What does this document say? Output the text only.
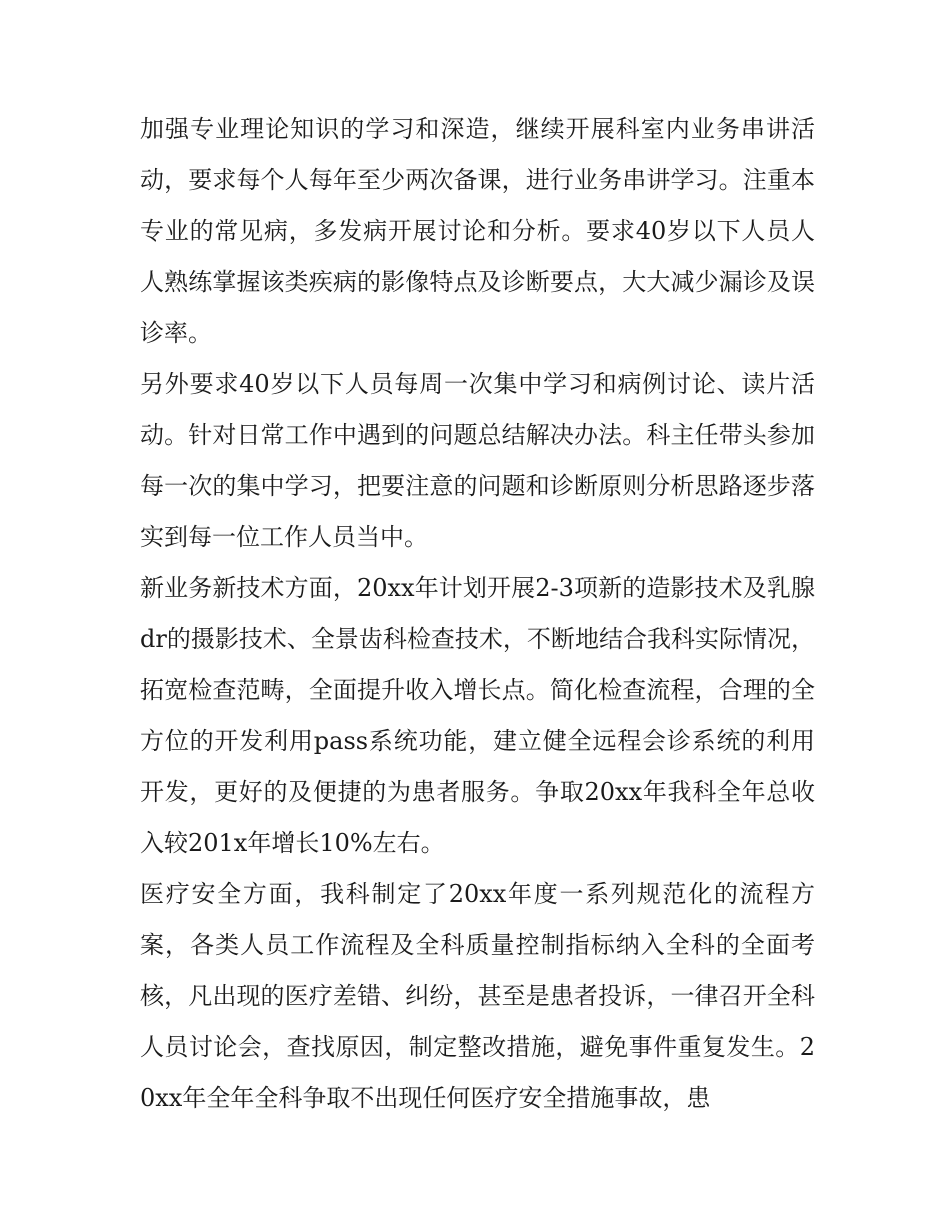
加强专业理论知识的学习和深造，继续开展科室内业务串讲活动，要求每个人每年至少两次备课，进行业务串讲学习。注重本专业的常见病，多发病开展讨论和分析。要求40岁以下人员人人熟练掌握该类疾病的影像特点及诊断要点，大大减少漏诊及误诊率。

另外要求40岁以下人员每周一次集中学习和病例讨论、读片活动。针对日常工作中遇到的问题总结解决办法。科主任带头参加每一次的集中学习，把要注意的问题和诊断原则分析思路逐步落实到每一位工作人员当中。

新业务新技术方面，20xx年计划开展2-3项新的造影技术及乳腺dr的摄影技术、全景齿科检查技术，不断地结合我科实际情况，拓宽检查范畴，全面提升收入增长点。简化检查流程，合理的全方位的开发利用pass系统功能，建立健全远程会诊系统的利用开发，更好的及便捷的为患者服务。争取20xx年我科全年总收入较201x年增长10%左右。

医疗安全方面，我科制定了20xx年度一系列规范化的流程方案，各类人员工作流程及全科质量控制指标纳入全科的全面考核，凡出现的医疗差错、纠纷，甚至是患者投诉，一律召开全科人员讨论会，查找原因，制定整改措施，避免事件重复发生。20xx年全年全科争取不出现任何医疗安全措施事故，患
